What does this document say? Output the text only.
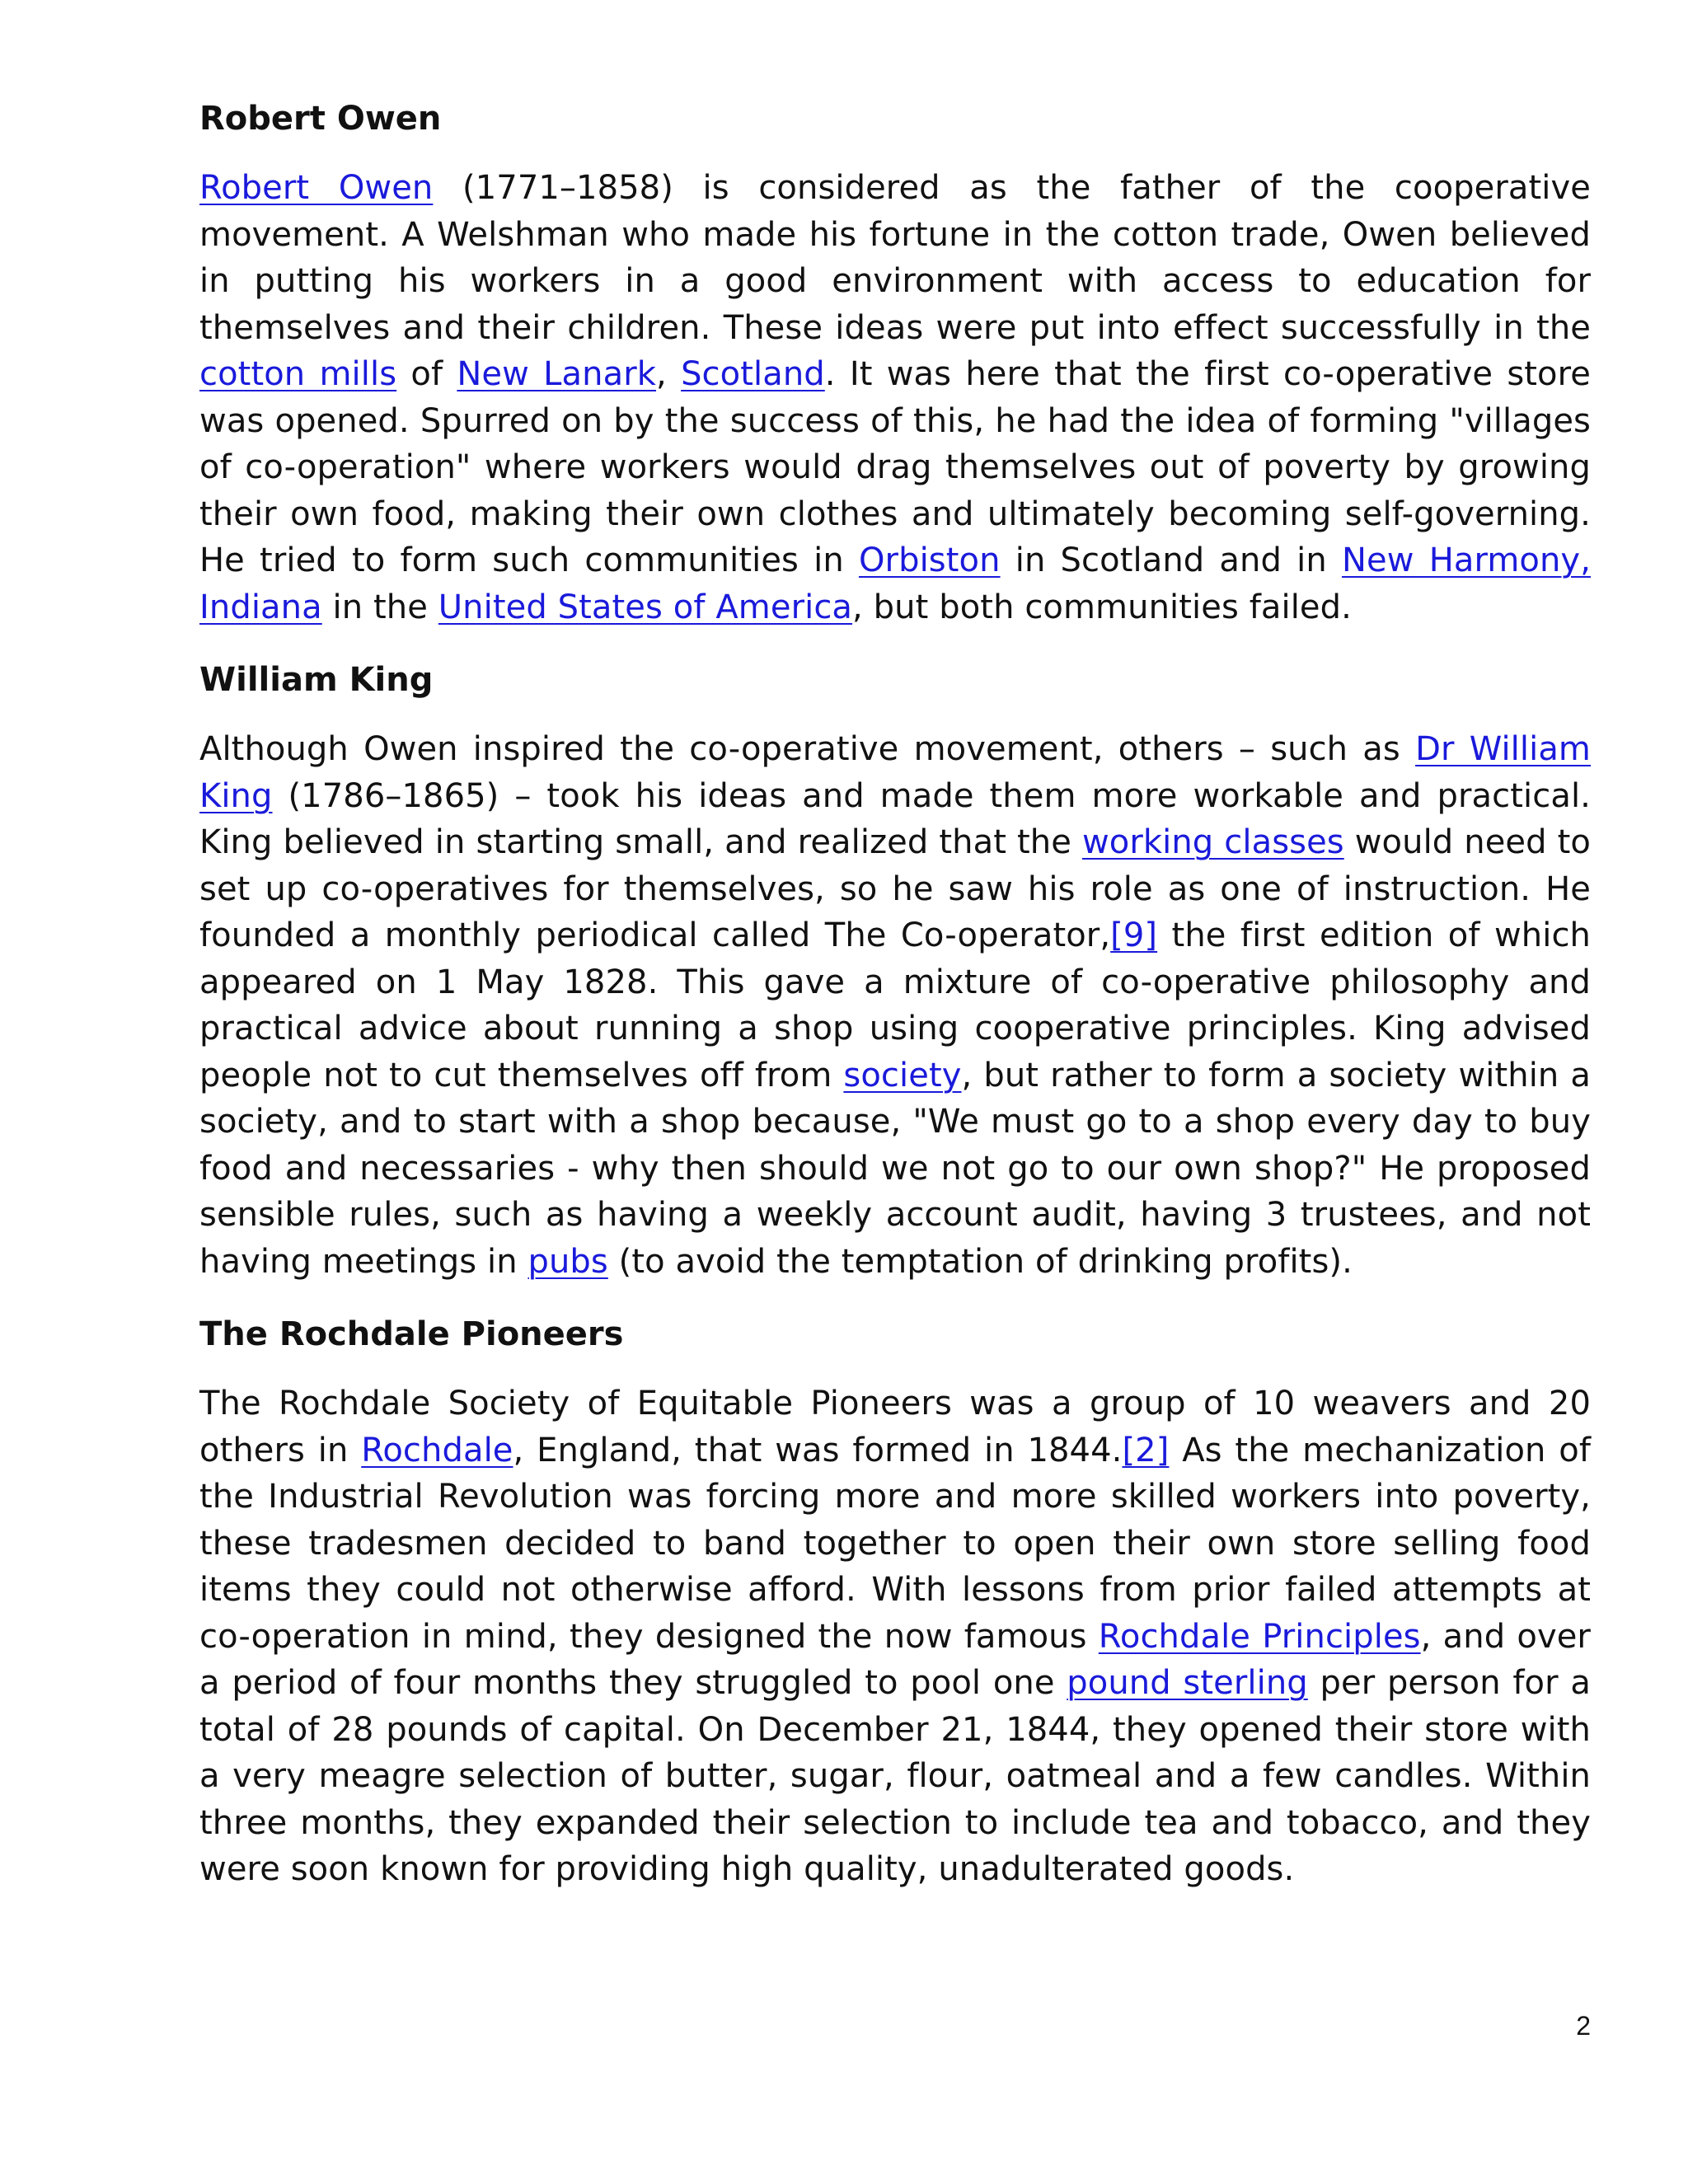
Robert Owen

Robert Owen (1771–1858) is considered as the father of the cooperative movement. A Welshman who made his fortune in the cotton trade, Owen believed in putting his workers in a good environment with access to education for themselves and their children. These ideas were put into effect successfully in the cotton mills of New Lanark, Scotland. It was here that the first co-operative store was opened. Spurred on by the success of this, he had the idea of forming "villages of co-operation" where workers would drag themselves out of poverty by growing their own food, making their own clothes and ultimately becoming self-governing. He tried to form such communities in Orbiston in Scotland and in New Harmony, Indiana in the United States of America, but both communities failed.

William King

Although Owen inspired the co-operative movement, others – such as Dr William King (1786–1865) – took his ideas and made them more workable and practical. King believed in starting small, and realized that the working classes would need to set up co-operatives for themselves, so he saw his role as one of instruction. He founded a monthly periodical called The Co-operator,[9] the first edition of which appeared on 1 May 1828. This gave a mixture of co-operative philosophy and practical advice about running a shop using cooperative principles. King advised people not to cut themselves off from society, but rather to form a society within a society, and to start with a shop because, "We must go to a shop every day to buy food and necessaries - why then should we not go to our own shop?" He proposed sensible rules, such as having a weekly account audit, having 3 trustees, and not having meetings in pubs (to avoid the temptation of drinking profits).

The Rochdale Pioneers

The Rochdale Society of Equitable Pioneers was a group of 10 weavers and 20 others in Rochdale, England, that was formed in 1844.[2] As the mechanization of the Industrial Revolution was forcing more and more skilled workers into poverty, these tradesmen decided to band together to open their own store selling food items they could not otherwise afford. With lessons from prior failed attempts at co-operation in mind, they designed the now famous Rochdale Principles, and over a period of four months they struggled to pool one pound sterling per person for a total of 28 pounds of capital. On December 21, 1844, they opened their store with a very meagre selection of butter, sugar, flour, oatmeal and a few candles. Within three months, they expanded their selection to include tea and tobacco, and they were soon known for providing high quality, unadulterated goods.

2
